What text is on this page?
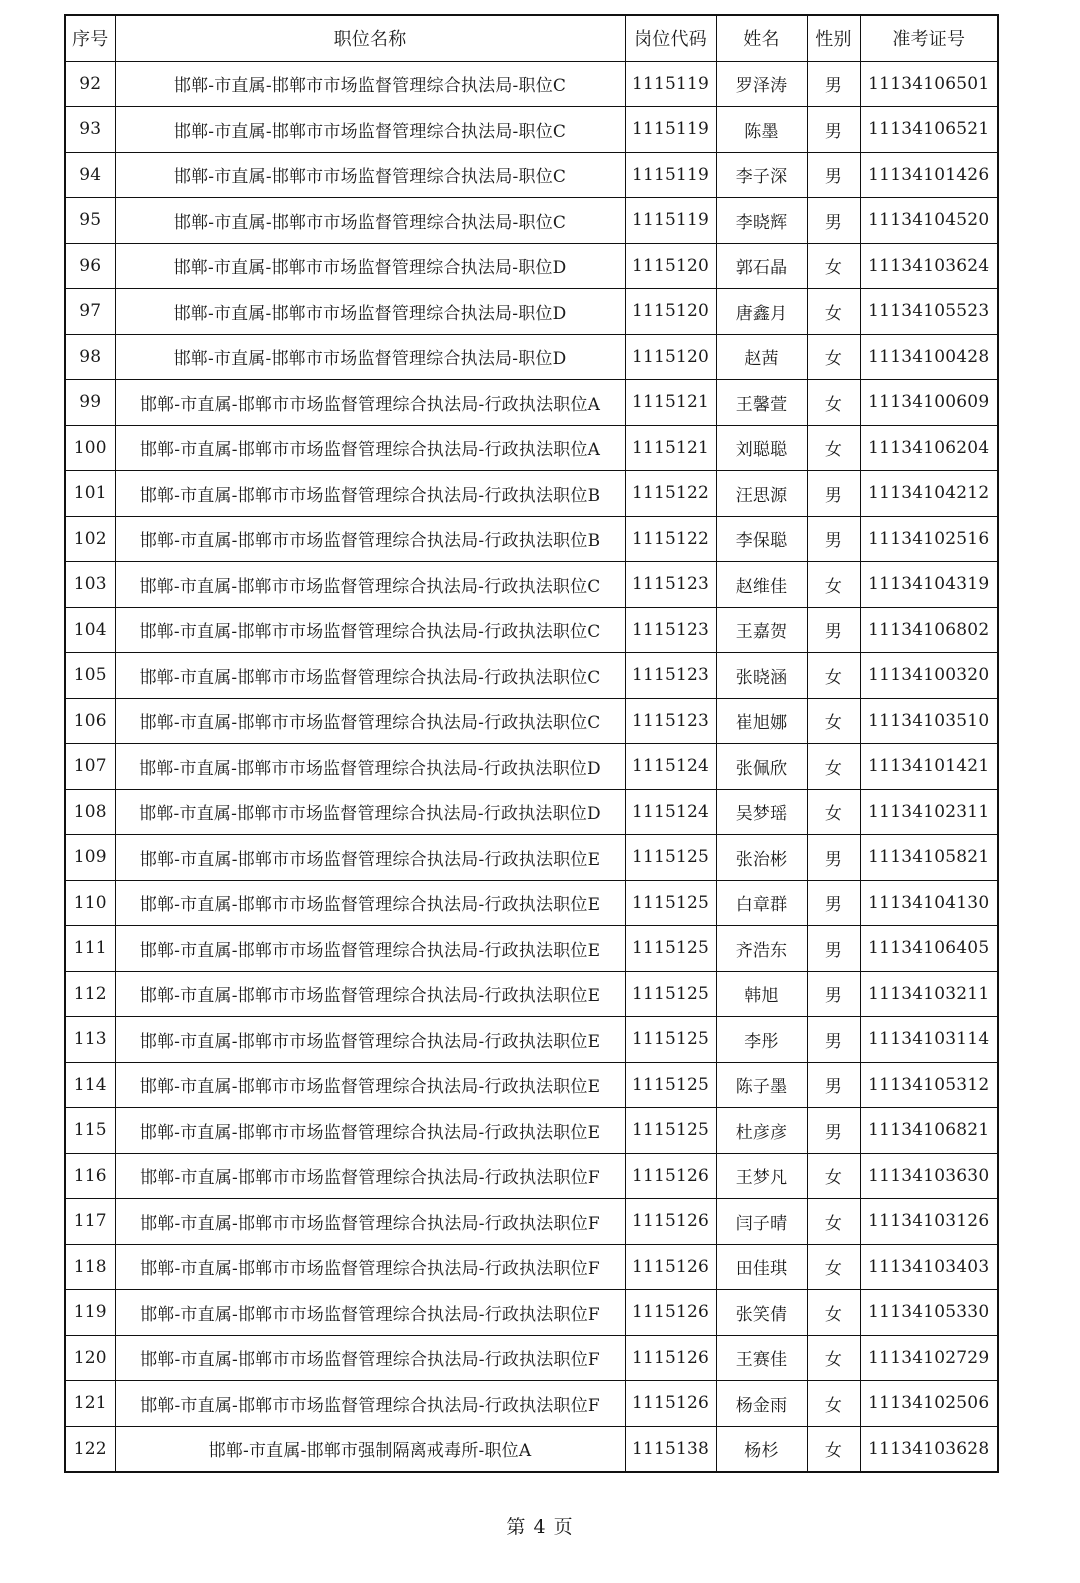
序号	职位名称	岗位代码	姓名	性别	准考证号
92	邯郸-市直属-邯郸市市场监督管理综合执法局-职位C	1115119	罗泽涛	男	11134106501
93	邯郸-市直属-邯郸市市场监督管理综合执法局-职位C	1115119	陈墨	男	11134106521
94	邯郸-市直属-邯郸市市场监督管理综合执法局-职位C	1115119	李子深	男	11134101426
95	邯郸-市直属-邯郸市市场监督管理综合执法局-职位C	1115119	李晓辉	男	11134104520
96	邯郸-市直属-邯郸市市场监督管理综合执法局-职位D	1115120	郭石晶	女	11134103624
97	邯郸-市直属-邯郸市市场监督管理综合执法局-职位D	1115120	唐鑫月	女	11134105523
98	邯郸-市直属-邯郸市市场监督管理综合执法局-职位D	1115120	赵茜	女	11134100428
99	邯郸-市直属-邯郸市市场监督管理综合执法局-行政执法职位A	1115121	王馨萱	女	11134100609
100	邯郸-市直属-邯郸市市场监督管理综合执法局-行政执法职位A	1115121	刘聪聪	女	11134106204
101	邯郸-市直属-邯郸市市场监督管理综合执法局-行政执法职位B	1115122	汪思源	男	11134104212
102	邯郸-市直属-邯郸市市场监督管理综合执法局-行政执法职位B	1115122	李保聪	男	11134102516
103	邯郸-市直属-邯郸市市场监督管理综合执法局-行政执法职位C	1115123	赵维佳	女	11134104319
104	邯郸-市直属-邯郸市市场监督管理综合执法局-行政执法职位C	1115123	王嘉贺	男	11134106802
105	邯郸-市直属-邯郸市市场监督管理综合执法局-行政执法职位C	1115123	张晓涵	女	11134100320
106	邯郸-市直属-邯郸市市场监督管理综合执法局-行政执法职位C	1115123	崔旭娜	女	11134103510
107	邯郸-市直属-邯郸市市场监督管理综合执法局-行政执法职位D	1115124	张佩欣	女	11134101421
108	邯郸-市直属-邯郸市市场监督管理综合执法局-行政执法职位D	1115124	吴梦瑶	女	11134102311
109	邯郸-市直属-邯郸市市场监督管理综合执法局-行政执法职位E	1115125	张治彬	男	11134105821
110	邯郸-市直属-邯郸市市场监督管理综合执法局-行政执法职位E	1115125	白章群	男	11134104130
111	邯郸-市直属-邯郸市市场监督管理综合执法局-行政执法职位E	1115125	齐浩东	男	11134106405
112	邯郸-市直属-邯郸市市场监督管理综合执法局-行政执法职位E	1115125	韩旭	男	11134103211
113	邯郸-市直属-邯郸市市场监督管理综合执法局-行政执法职位E	1115125	李彤	男	11134103114
114	邯郸-市直属-邯郸市市场监督管理综合执法局-行政执法职位E	1115125	陈子墨	男	11134105312
115	邯郸-市直属-邯郸市市场监督管理综合执法局-行政执法职位E	1115125	杜彦彦	男	11134106821
116	邯郸-市直属-邯郸市市场监督管理综合执法局-行政执法职位F	1115126	王梦凡	女	11134103630
117	邯郸-市直属-邯郸市市场监督管理综合执法局-行政执法职位F	1115126	闫子晴	女	11134103126
118	邯郸-市直属-邯郸市市场监督管理综合执法局-行政执法职位F	1115126	田佳琪	女	11134103403
119	邯郸-市直属-邯郸市市场监督管理综合执法局-行政执法职位F	1115126	张笑倩	女	11134105330
120	邯郸-市直属-邯郸市市场监督管理综合执法局-行政执法职位F	1115126	王赛佳	女	11134102729
121	邯郸-市直属-邯郸市市场监督管理综合执法局-行政执法职位F	1115126	杨金雨	女	11134102506
122	邯郸-市直属-邯郸市强制隔离戒毒所-职位A	1115138	杨杉	女	11134103628
第 4 页
